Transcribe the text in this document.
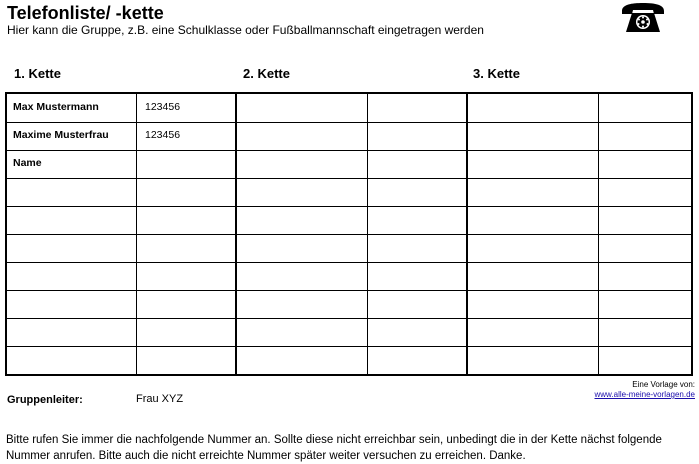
Telefonliste/ -kette
Hier kann die Gruppe, z.B. eine Schulklasse oder Fußballmannschaft eingetragen werden
1. Kette	2. Kette	3. Kette
Max Mustermann	123456
Maxime Musterfrau	123456
Name
Eine Vorlage von:
www.alle-meine-vorlagen.de
Gruppenleiter:	Frau XYZ
Bitte rufen Sie immer die nachfolgende Nummer an. Sollte diese nicht erreichbar sein, unbedingt die in der Kette nächst folgende Nummer anrufen. Bitte auch die nicht erreichte Nummer später weiter versuchen zu erreichen. Danke.
